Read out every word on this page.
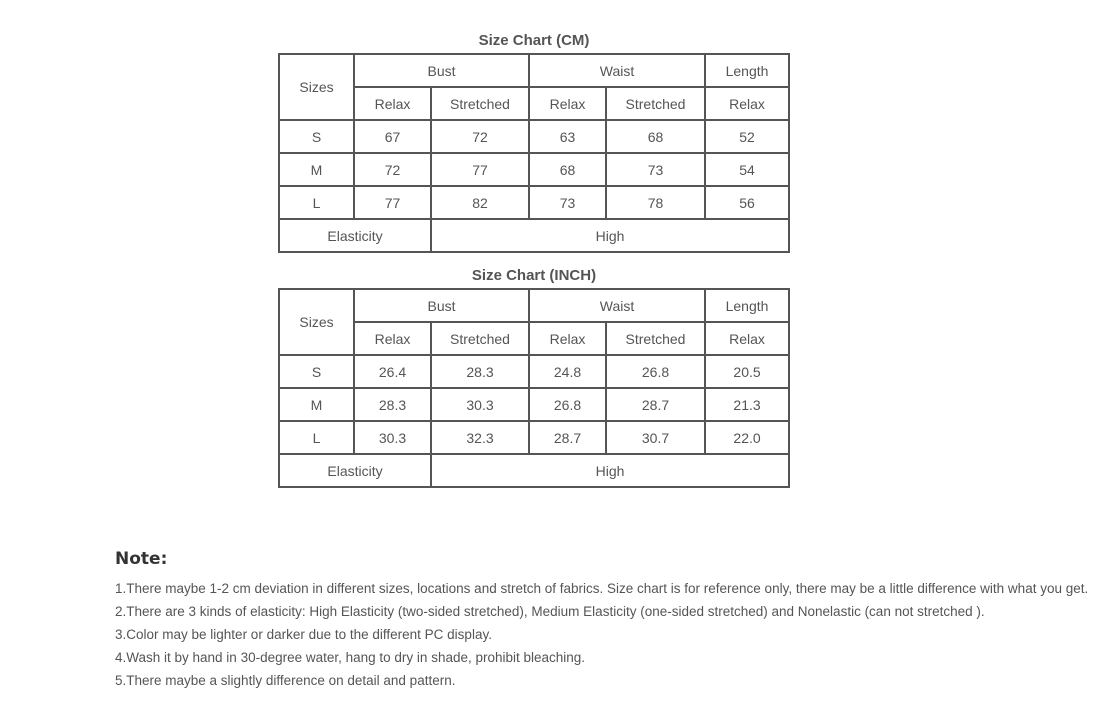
Size Chart (CM)
Sizes	Bust		Waist		Length
	Relax	Stretched	Relax	Stretched	Relax
S	67	72	63	68	52
M	72	77	68	73	54
L	77	82	73	78	56
Elasticity		High			
Size Chart (INCH)
Sizes	Bust		Waist		Length
	Relax	Stretched	Relax	Stretched	Relax
S	26.4	28.3	24.8	26.8	20.5
M	28.3	30.3	26.8	28.7	21.3
L	30.3	32.3	28.7	30.7	22.0
Elasticity		High			
Note:
1.There maybe 1-2 cm deviation in different sizes, locations and stretch of fabrics. Size chart is for reference only, there may be a little difference with what you get.
2.There are 3 kinds of elasticity: High Elasticity (two-sided stretched), Medium Elasticity (one-sided stretched) and Nonelastic (can not stretched ).
3.Color may be lighter or darker due to the different PC display.
4.Wash it by hand in 30-degree water, hang to dry in shade, prohibit bleaching.
5.There maybe a slightly difference on detail and pattern.
